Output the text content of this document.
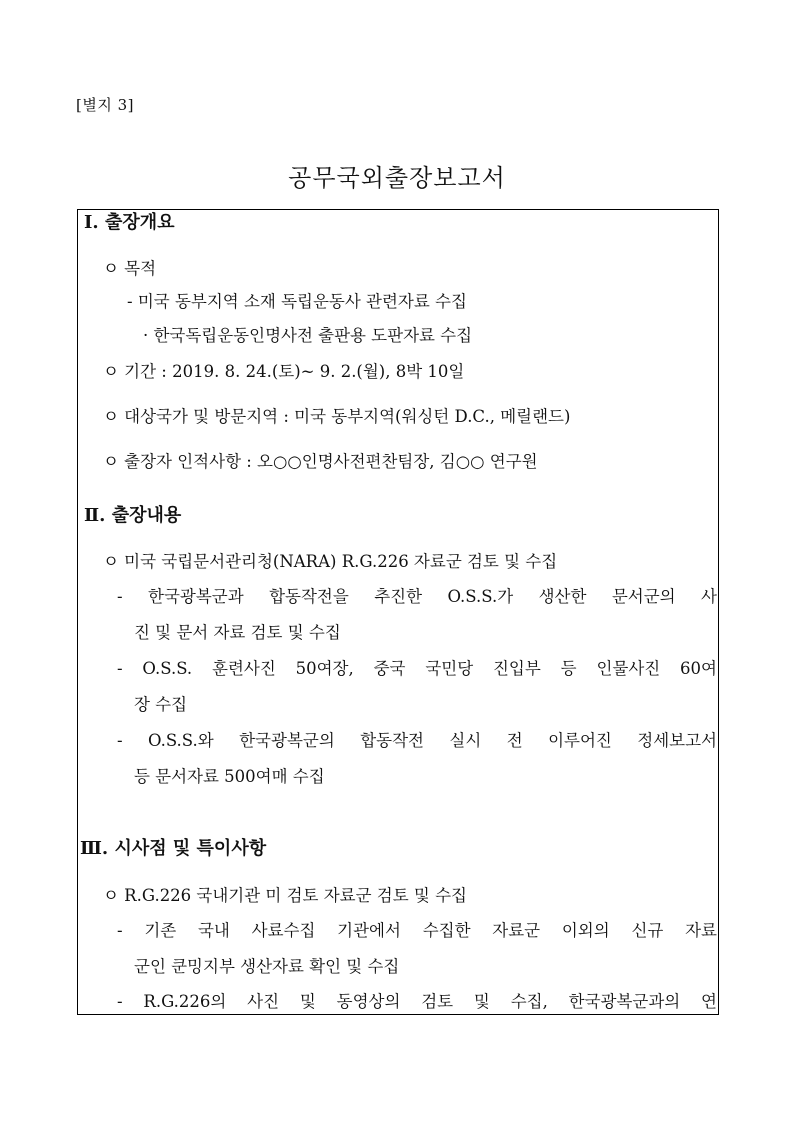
[별지 3]
공무국외출장보고서
Ⅰ. 출장개요
ㅇ 목적
- 미국 동부지역 소재 독립운동사 관련자료 수집
· 한국독립운동인명사전 출판용 도판자료 수집
ㅇ 기간 : 2019. 8. 24.(토)~ 9. 2.(월), 8박 10일
ㅇ 대상국가 및 방문지역 : 미국 동부지역(워싱턴 D.C., 메릴랜드)
ㅇ 출장자 인적사항 : 오○○인명사전편찬팀장, 김○○ 연구원
Ⅱ. 출장내용
ㅇ 미국 국립문서관리청(NARA) R.G.226 자료군 검토 및 수집
- 한국광복군과 합동작전을 추진한 O.S.S.가 생산한 문서군의 사
진 및 문서 자료 검토 및 수집
- O.S.S. 훈련사진 50여장, 중국 국민당 진입부 등 인물사진 60여
장 수집
- O.S.S.와 한국광복군의 합동작전 실시 전 이루어진 정세보고서
등 문서자료 500여매 수집
Ⅲ. 시사점 및 특이사항
ㅇ R.G.226 국내기관 미 검토 자료군 검토 및 수집
- 기존 국내 사료수집 기관에서 수집한 자료군 이외의 신규 자료
군인 쿤밍지부 생산자료 확인 및 수집
- R.G.226의 사진 및 동영상의 검토 및 수집, 한국광복군과의 연
